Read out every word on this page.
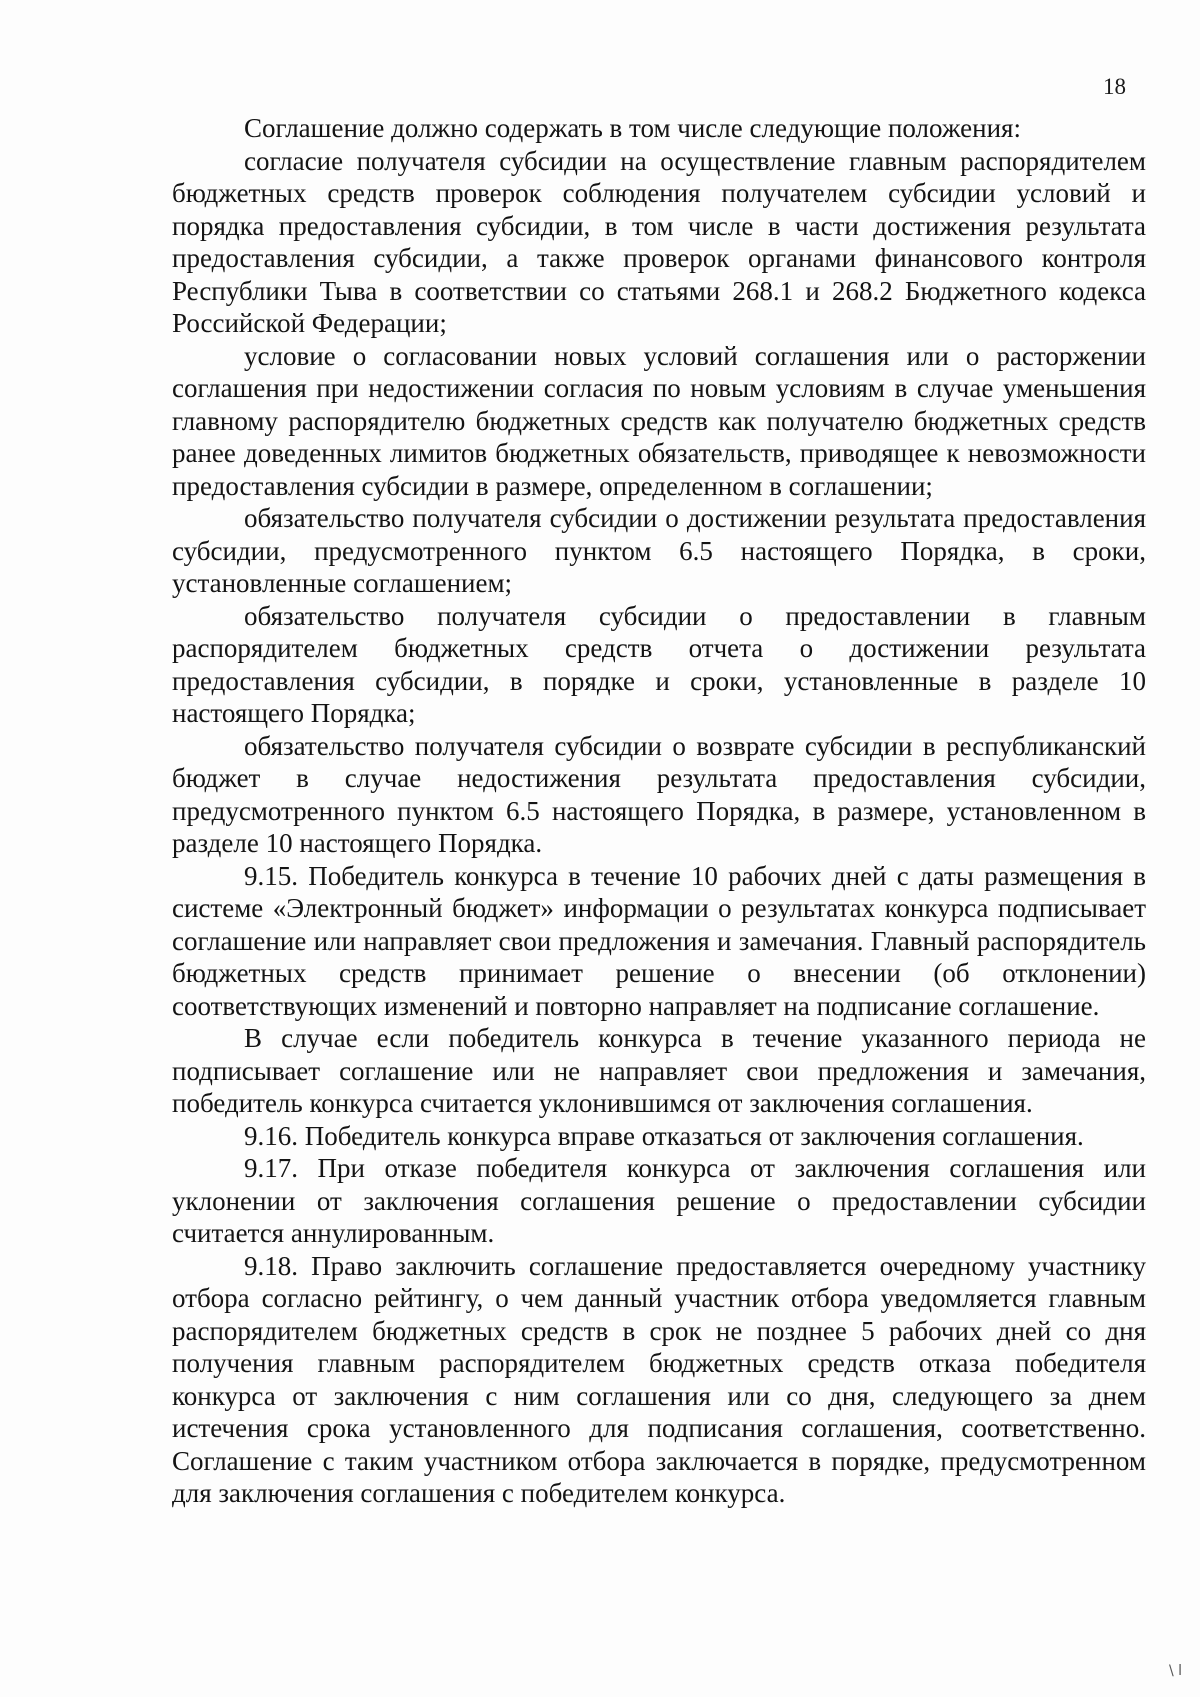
18

Соглашение должно содержать в том числе следующие положения:

согласие получателя субсидии на осуществление главным распорядителем бюджетных средств проверок соблюдения получателем субсидии условий и порядка предоставления субсидии, в том числе в части достижения результата предоставления субсидии, а также проверок органами финансового контроля Республики Тыва в соответствии со статьями 268.1 и 268.2 Бюджетного кодекса Российской Федерации;

условие о согласовании новых условий соглашения или о расторжении соглашения при недостижении согласия по новым условиям в случае уменьшения главному распорядителю бюджетных средств как получателю бюджетных средств ранее доведенных лимитов бюджетных обязательств, приводящее к невозможности предоставления субсидии в размере, определенном в соглашении;

обязательство получателя субсидии о достижении результата предоставления субсидии, предусмотренного пунктом 6.5 настоящего Порядка, в сроки, установленные соглашением;

обязательство получателя субсидии о предоставлении в главным распорядителем бюджетных средств отчета о достижении результата предоставления субсидии, в порядке и сроки, установленные в разделе 10 настоящего Порядка;

обязательство получателя субсидии о возврате субсидии в республиканский бюджет в случае недостижения результата предоставления субсидии, предусмотренного пунктом 6.5 настоящего Порядка, в размере, установленном в разделе 10 настоящего Порядка.

9.15. Победитель конкурса в течение 10 рабочих дней с даты размещения в системе «Электронный бюджет» информации о результатах конкурса подписывает соглашение или направляет свои предложения и замечания. Главный распорядитель бюджетных средств принимает решение о внесении (об отклонении) соответствующих изменений и повторно направляет на подписание соглашение.

В случае если победитель конкурса в течение указанного периода не подписывает соглашение или не направляет свои предложения и замечания, победитель конкурса считается уклонившимся от заключения соглашения.

9.16. Победитель конкурса вправе отказаться от заключения соглашения.

9.17. При отказе победителя конкурса от заключения соглашения или уклонении от заключения соглашения решение о предоставлении субсидии считается аннулированным.

9.18. Право заключить соглашение предоставляется очередному участнику отбора согласно рейтингу, о чем данный участник отбора уведомляется главным распорядителем бюджетных средств в срок не позднее 5 рабочих дней со дня получения главным распорядителем бюджетных средств отказа победителя конкурса от заключения с ним соглашения или со дня, следующего за днем истечения срока установленного для подписания соглашения, соответственно. Соглашение с таким участником отбора заключается в порядке, предусмотренном для заключения соглашения с победителем конкурса.

\ l
